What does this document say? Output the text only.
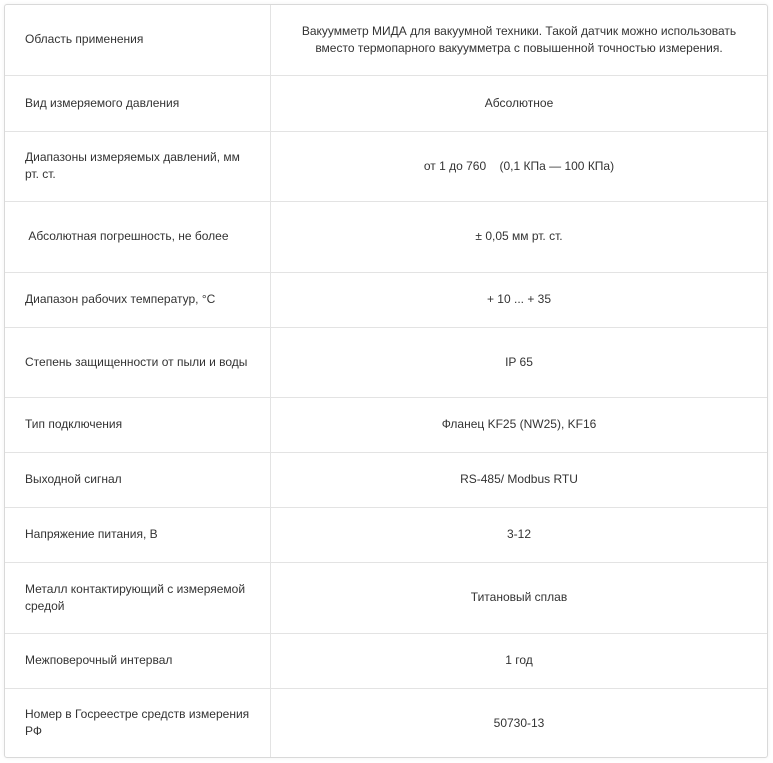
Область применения	Вакуумметр МИДА для вакуумной техники. Такой датчик можно использовать вместо термопарного вакуумметра с повышенной точностью измерения.
Вид измеряемого давления	Абсолютное
Диапазоны измеряемых давлений, мм рт. ст.	от 1 до 760    (0,1 КПа — 100 КПа)
Абсолютная погрешность, не более	± 0,05 мм рт. ст.
Диапазон рабочих температур, °С	+ 10 ... + 35
Степень защищенности от пыли и воды	IP 65
Тип подключения	Фланец KF25 (NW25), KF16
Выходной сигнал	RS-485/ Modbus RTU
Напряжение питания, В	3-12
Металл контактирующий с измеряемой средой	Титановый сплав
Межповерочный интервал	1 год
Номер в Госреестре средств измерения РФ	50730-13
